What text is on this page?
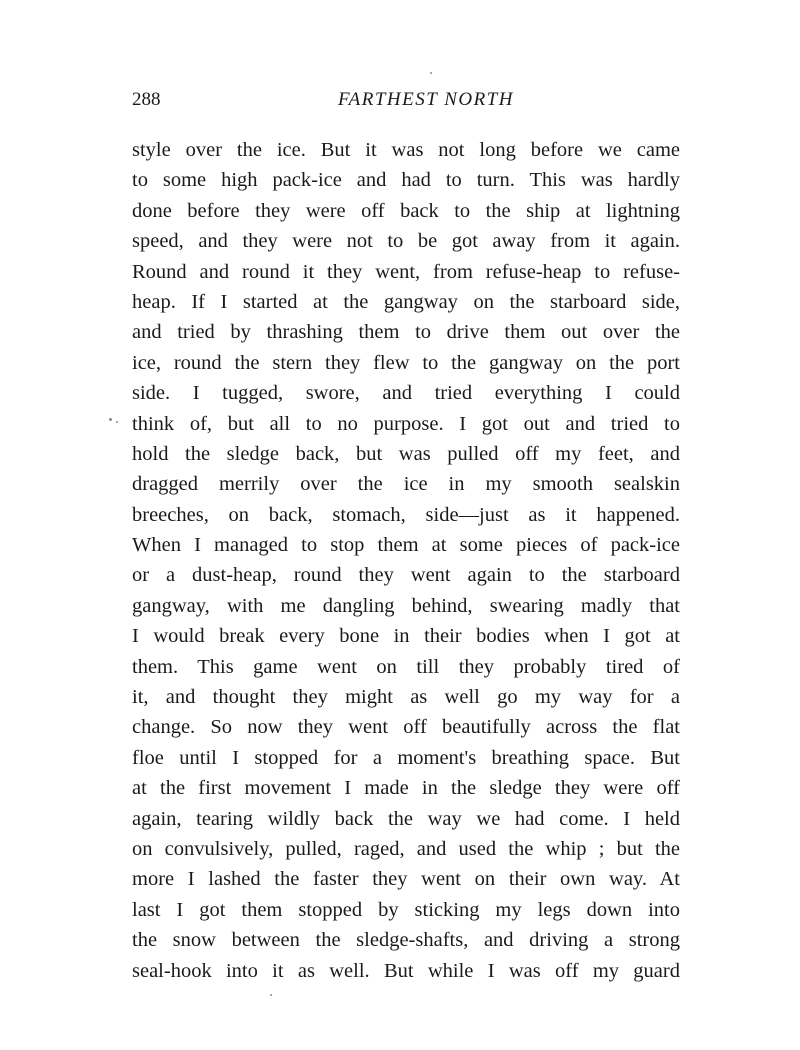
288	FARTHEST NORTH
style over the ice. But it was not long before we came
to some high pack-ice and had to turn. This was hardly
done before they were off back to the ship at lightning
speed, and they were not to be got away from it again.
Round and round it they went, from refuse-heap to refuse-
heap. If I started at the gangway on the starboard side,
and tried by thrashing them to drive them out over the
ice, round the stern they flew to the gangway on the port
side. I tugged, swore, and tried everything I could
think of, but all to no purpose. I got out and tried to
hold the sledge back, but was pulled off my feet, and
dragged merrily over the ice in my smooth sealskin
breeches, on back, stomach, side—just as it happened.
When I managed to stop them at some pieces of pack-ice
or a dust-heap, round they went again to the starboard
gangway, with me dangling behind, swearing madly that
I would break every bone in their bodies when I got at
them. This game went on till they probably tired of
it, and thought they might as well go my way for a
change. So now they went off beautifully across the flat
floe until I stopped for a moment's breathing space. But
at the first movement I made in the sledge they were off
again, tearing wildly back the way we had come. I held
on convulsively, pulled, raged, and used the whip ; but the
more I lashed the faster they went on their own way. At
last I got them stopped by sticking my legs down into
the snow between the sledge-shafts, and driving a strong
seal-hook into it as well. But while I was off my guard
